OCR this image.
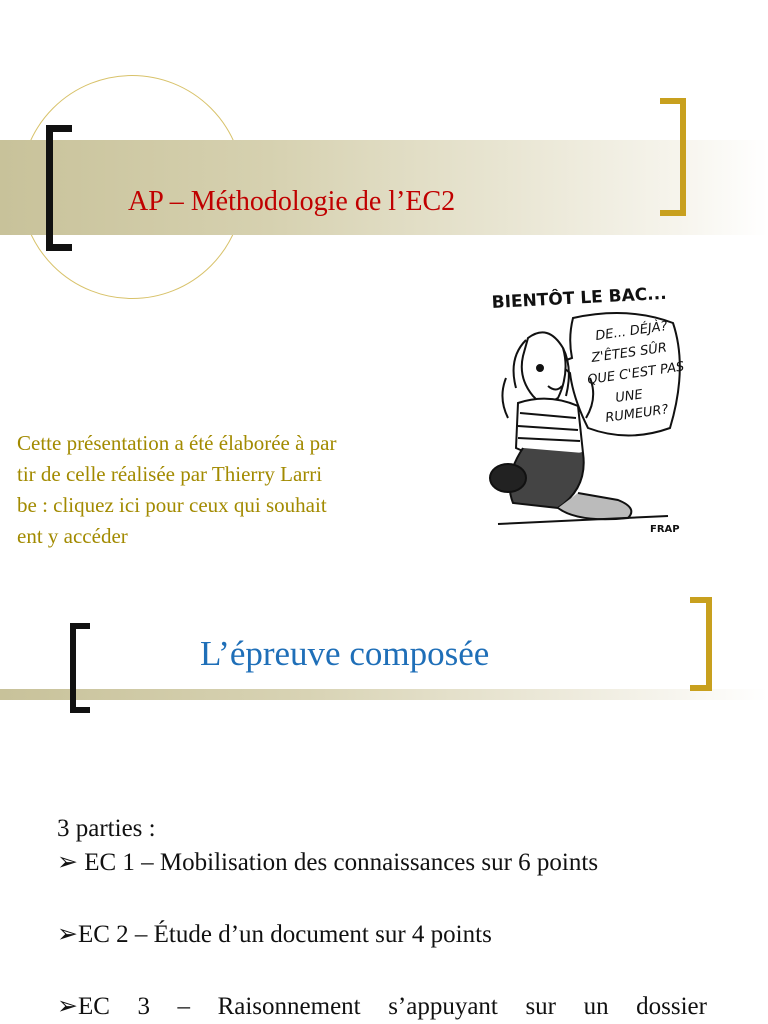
AP – Méthodologie de l’EC2
BIENTÔT LE BAC...
DE... DÉJÀ?
Z'ÊTES SÛR
QUE C'EST PAS
UNE
RUMEUR?
FRAP
Cette présentation a été élaborée à par
tir de celle réalisée par Thierry Larri
be : cliquez ici pour ceux qui souhait
ent y accéder
L’épreuve composée
3 parties :
➢ EC 1 – Mobilisation des connaissances sur 6 points
➢EC 2 – Étude d’un document sur 4 points
➢EC 3 – Raisonnement s’appuyant sur un dossier
